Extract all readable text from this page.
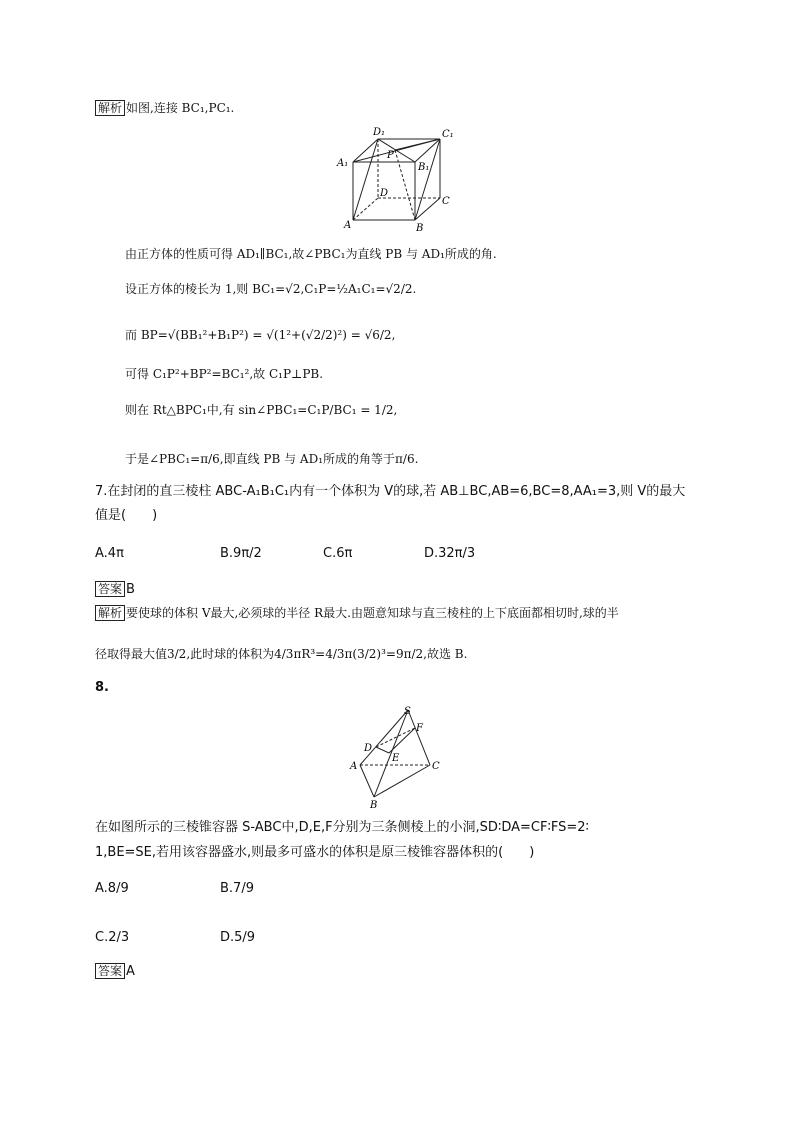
解析 如图,连接 BC₁,PC₁.
D₁	C₁
A₁
P
B₁
D
C
A	B
由正方体的性质可得 AD₁∥BC₁,故∠PBC₁为直线 PB 与 AD₁所成的角.
设正方体的棱长为 1,则 BC₁=√2,C₁P=½A₁C₁=√2/2.
而 BP=√(BB₁²+B₁P²) = √(1²+(√2/2)²) = √6/2,
可得 C₁P²+BP²=BC₁²,故 C₁P⊥PB.
则在 Rt△BPC₁中,有 sin∠PBC₁=C₁P/BC₁ = 1/2,
于是∠PBC₁=π/6,即直线 PB 与 AD₁所成的角等于π/6.
7.在封闭的直三棱柱 ABC-A₁B₁C₁内有一个体积为 V的球,若 AB⊥BC,AB=6,BC=8,AA₁=3,则 V的最大
值是(　　)
A.4π	B.9π/2	C.6π	D.32π/3
答案 B
解析 要使球的体积 V最大,必须球的半径 R最大.由题意知球与直三棱柱的上下底面都相切时,球的半
径取得最大值3/2,此时球的体积为4/3πR³=4/3π(3/2)³=9π/2,故选 B.
8.
S
F
D
E
A	C
B
在如图所示的三棱锥容器 S-ABC中,D,E,F分别为三条侧棱上的小洞,SD∶DA=CF∶FS=2∶
1,BE=SE,若用该容器盛水,则最多可盛水的体积是原三棱锥容器体积的(　　)
A.8/9	B.7/9
C.2/3	D.5/9
答案 A
